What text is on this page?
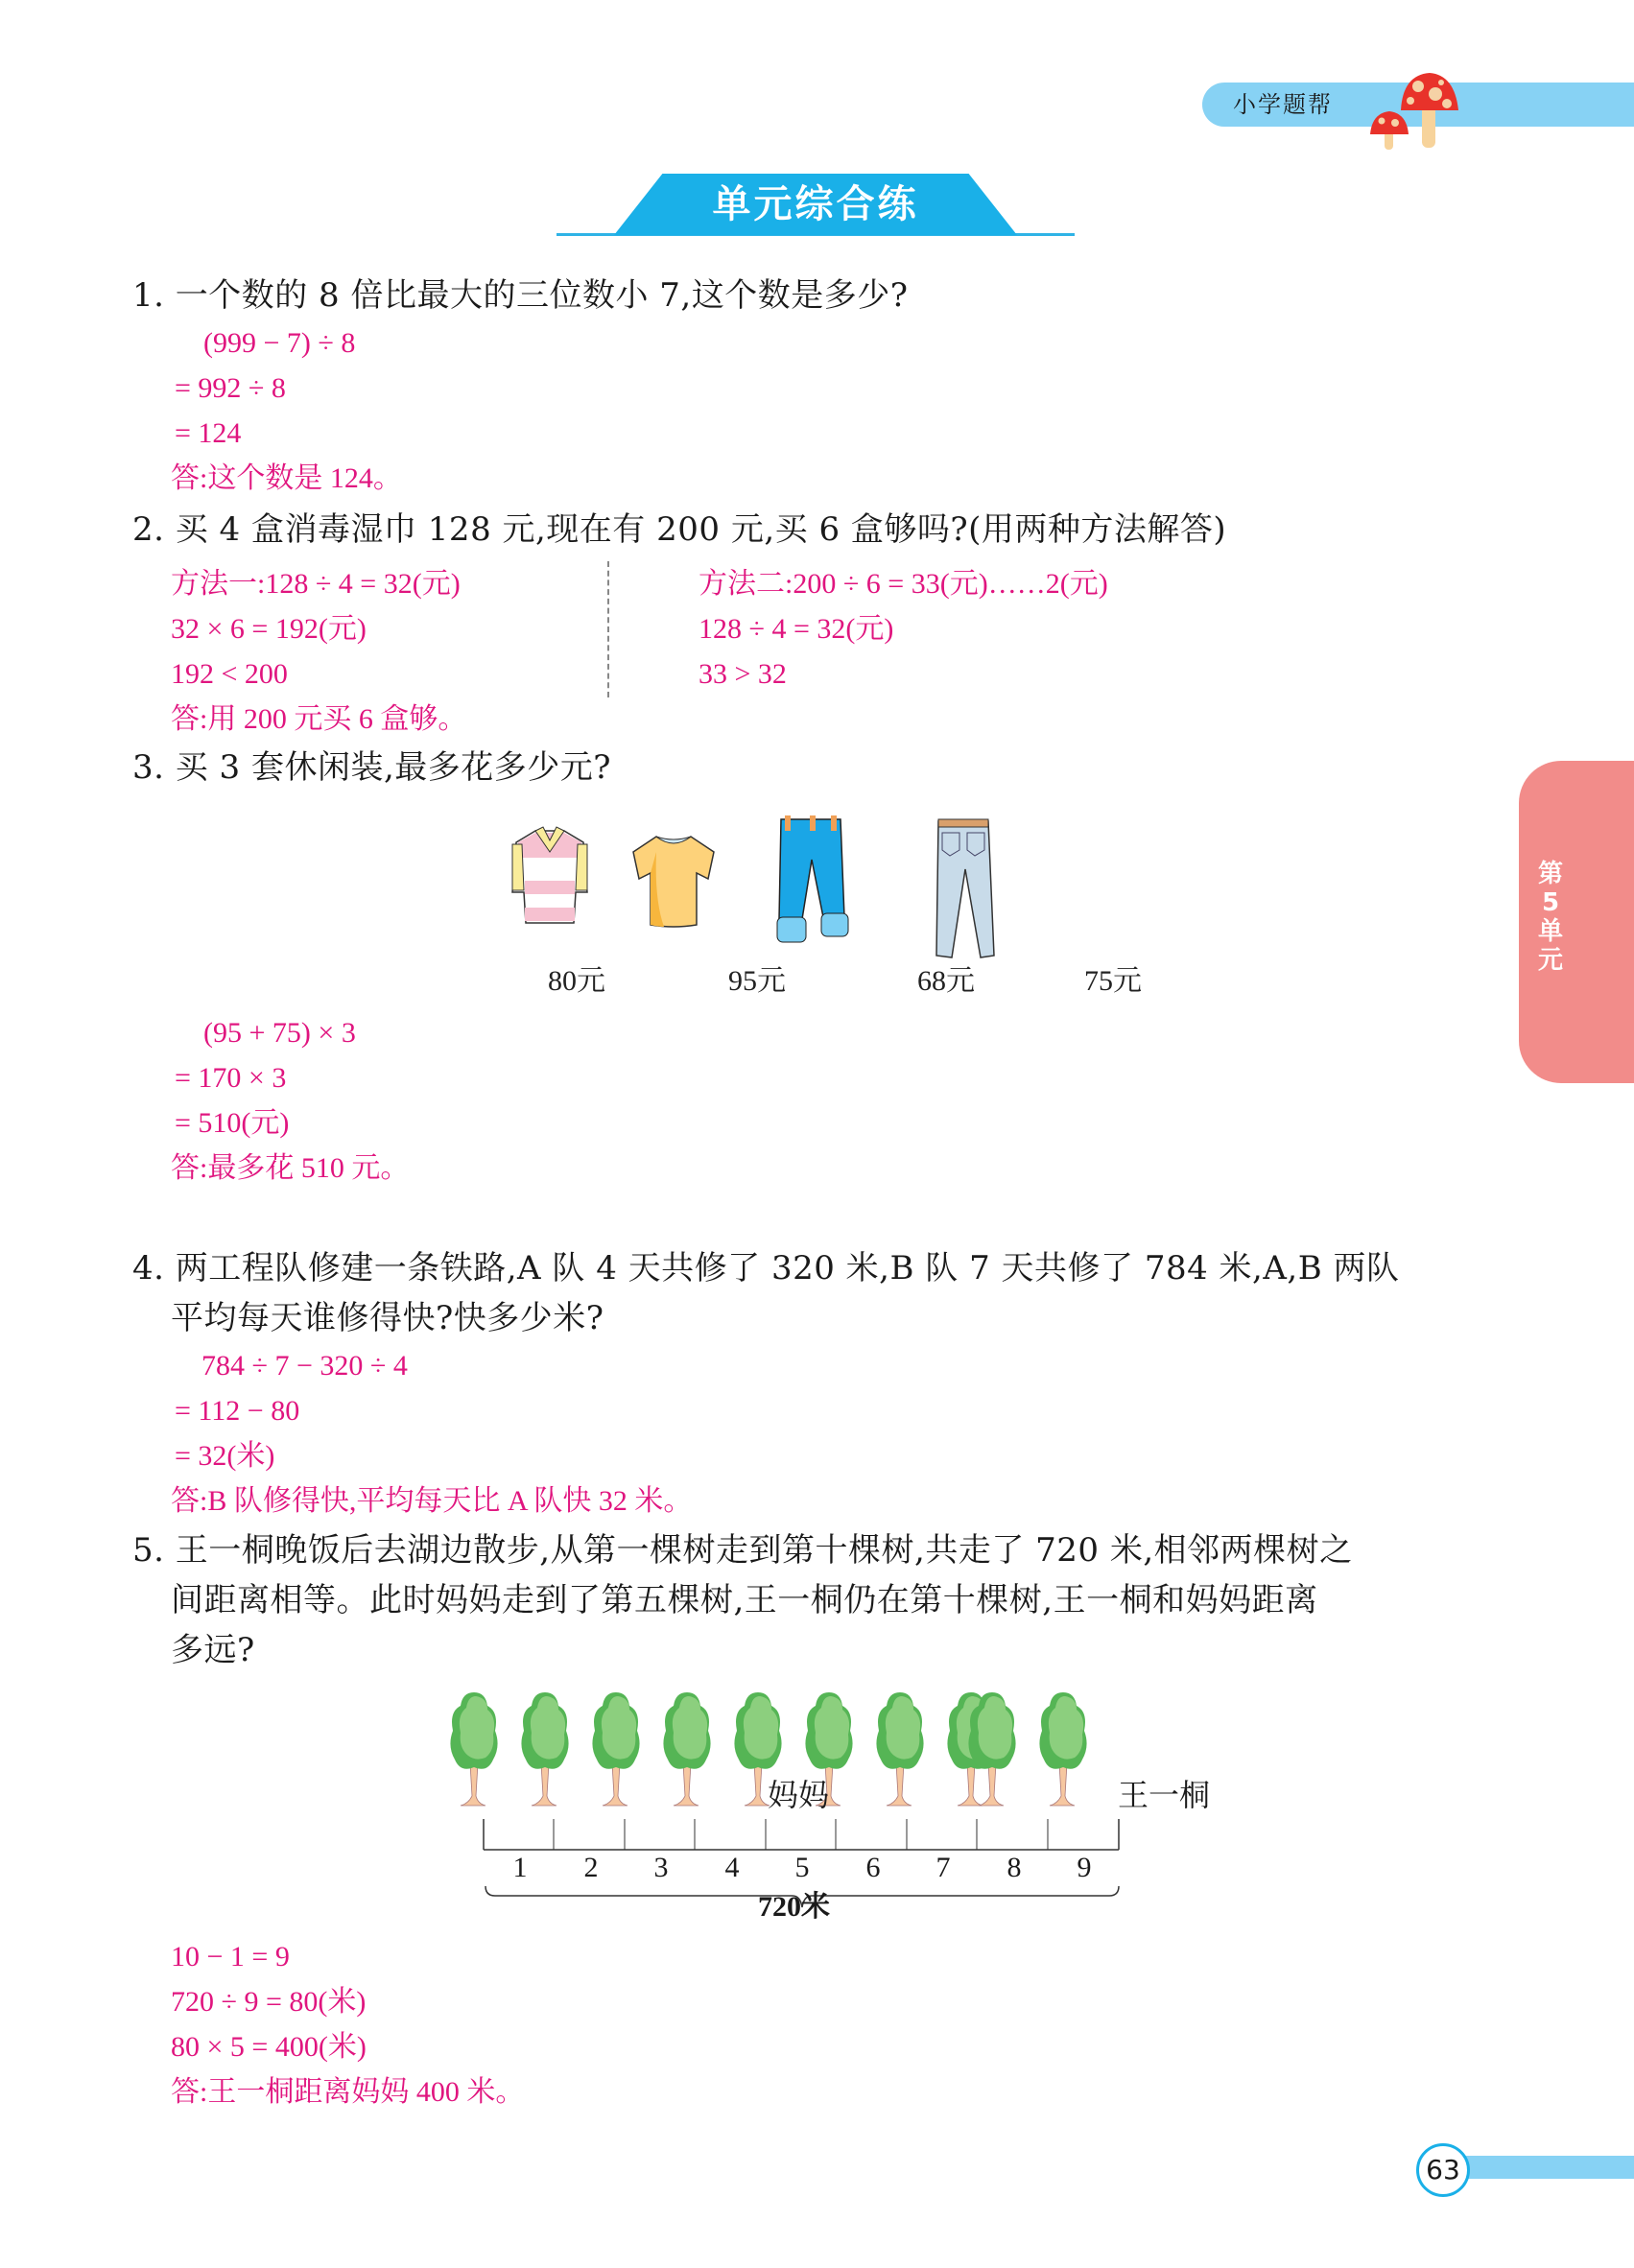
小学题帮
单元综合练
第
5
单
元
1. 一个数的 8 倍比最大的三位数小 7,这个数是多少?
(999 − 7) ÷ 8
= 992 ÷ 8
= 124
答:这个数是 124。
2. 买 4 盒消毒湿巾 128 元,现在有 200 元,买 6 盒够吗?(用两种方法解答)
方法一:128 ÷ 4 = 32(元)
32 × 6 = 192(元)
192 < 200
方法二:200 ÷ 6 = 33(元)……2(元)
128 ÷ 4 = 32(元)
33 > 32
答:用 200 元买 6 盒够。
3. 买 3 套休闲装,最多花多少元?
80元	95元	68元	75元
(95 + 75) × 3
= 170 × 3
= 510(元)
答:最多花 510 元。
4. 两工程队修建一条铁路,A 队 4 天共修了 320 米,B 队 7 天共修了 784 米,A,B 两队
平均每天谁修得快?快多少米?
784 ÷ 7 − 320 ÷ 4
= 112 − 80
= 32(米)
答:B 队修得快,平均每天比 A 队快 32 米。
5. 王一桐晚饭后去湖边散步,从第一棵树走到第十棵树,共走了 720 米,相邻两棵树之
间距离相等。此时妈妈走到了第五棵树,王一桐仍在第十棵树,王一桐和妈妈距离
多远?
妈妈	王一桐
1	2	3	4	5	6	7	8	9
720米
10 − 1 = 9
720 ÷ 9 = 80(米)
80 × 5 = 400(米)
答:王一桐距离妈妈 400 米。
63
